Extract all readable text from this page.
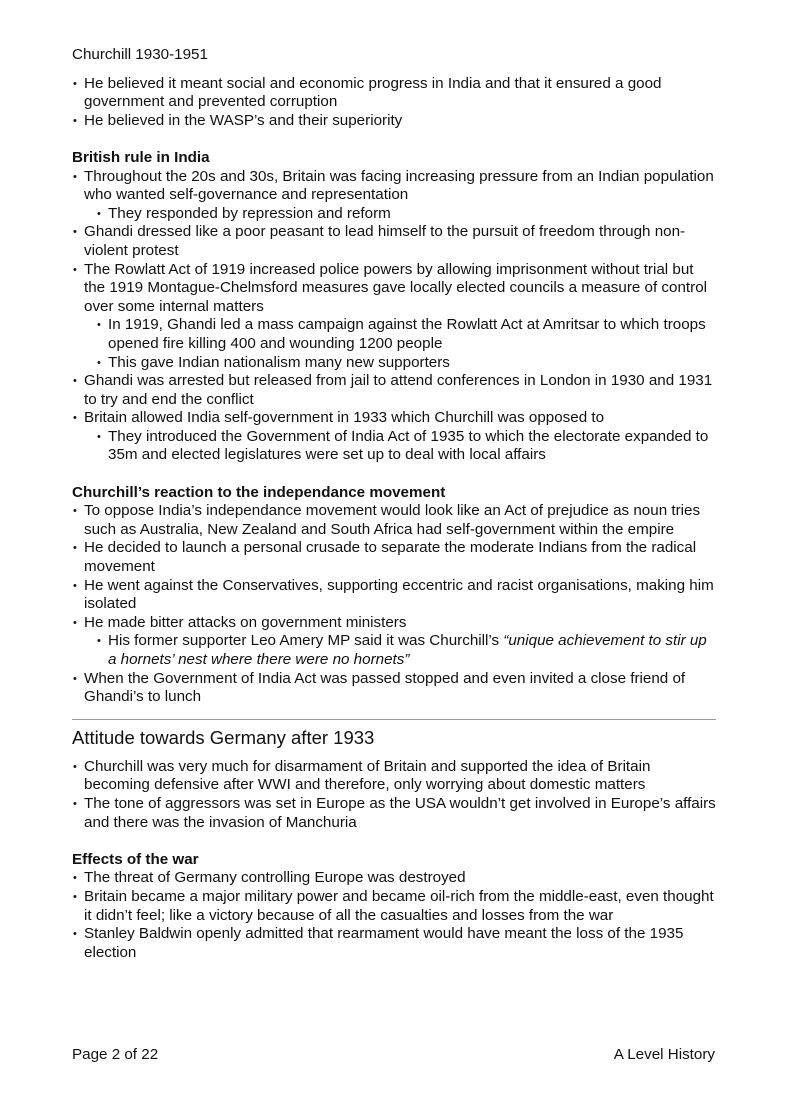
Churchill 1930-1951
• He believed it meant social and economic progress in India and that it ensured a good government and prevented corruption
• He believed in the WASP’s and their superiority

British rule in India

• Throughout the 20s and 30s, Britain was facing increasing pressure from an Indian population who wanted self-governance and representation
• They responded by repression and reform
• Ghandi dressed like a poor peasant to lead himself to the pursuit of freedom through non-violent protest
• The Rowlatt Act of 1919 increased police powers by allowing imprisonment without trial but the 1919 Montague-Chelmsford measures gave locally elected councils a measure of control over some internal matters
• In 1919, Ghandi led a mass campaign against the Rowlatt Act at Amritsar to which troops opened fire killing 400 and wounding 1200 people
• This gave Indian nationalism many new supporters
• Ghandi was arrested but released from jail to attend conferences in London in 1930 and 1931 to try and end the conflict
• Britain allowed India self-government in 1933 which Churchill was opposed to
• They introduced the Government of India Act of 1935 to which the electorate expanded to 35m and elected legislatures were set up to deal with local affairs

Churchill’s reaction to the independance movement

• To oppose India’s independance movement would look like an Act of prejudice as noun tries such as Australia, New Zealand and South Africa had self-government within the empire
• He decided to launch a personal crusade to separate the moderate Indians from the radical movement
• He went against the Conservatives, supporting eccentric and racist organisations, making him isolated
• He made bitter attacks on government ministers
• His former supporter Leo Amery MP said it was Churchill’s “unique achievement to stir up a hornets’ nest where there were no hornets”
• When the Government of India Act was passed stopped and even invited a close friend of Ghandi’s to lunch
Attitude towards Germany after 1933
• Churchill was very much for disarmament of Britain and supported the idea of Britain becoming defensive after WWI and therefore, only worrying about domestic matters
• The tone of aggressors was set in Europe as the USA wouldn’t get involved in Europe’s affairs and there was the invasion of Manchuria

Effects of the war

• The threat of Germany controlling Europe was destroyed
• Britain became a major military power and became oil-rich from the middle-east, even thought it didn’t feel; like a victory because of all the casualties and losses from the war
• Stanley Baldwin openly admitted that rearmament would have meant the loss of the 1935 election
Page 2 of 22	A Level History
